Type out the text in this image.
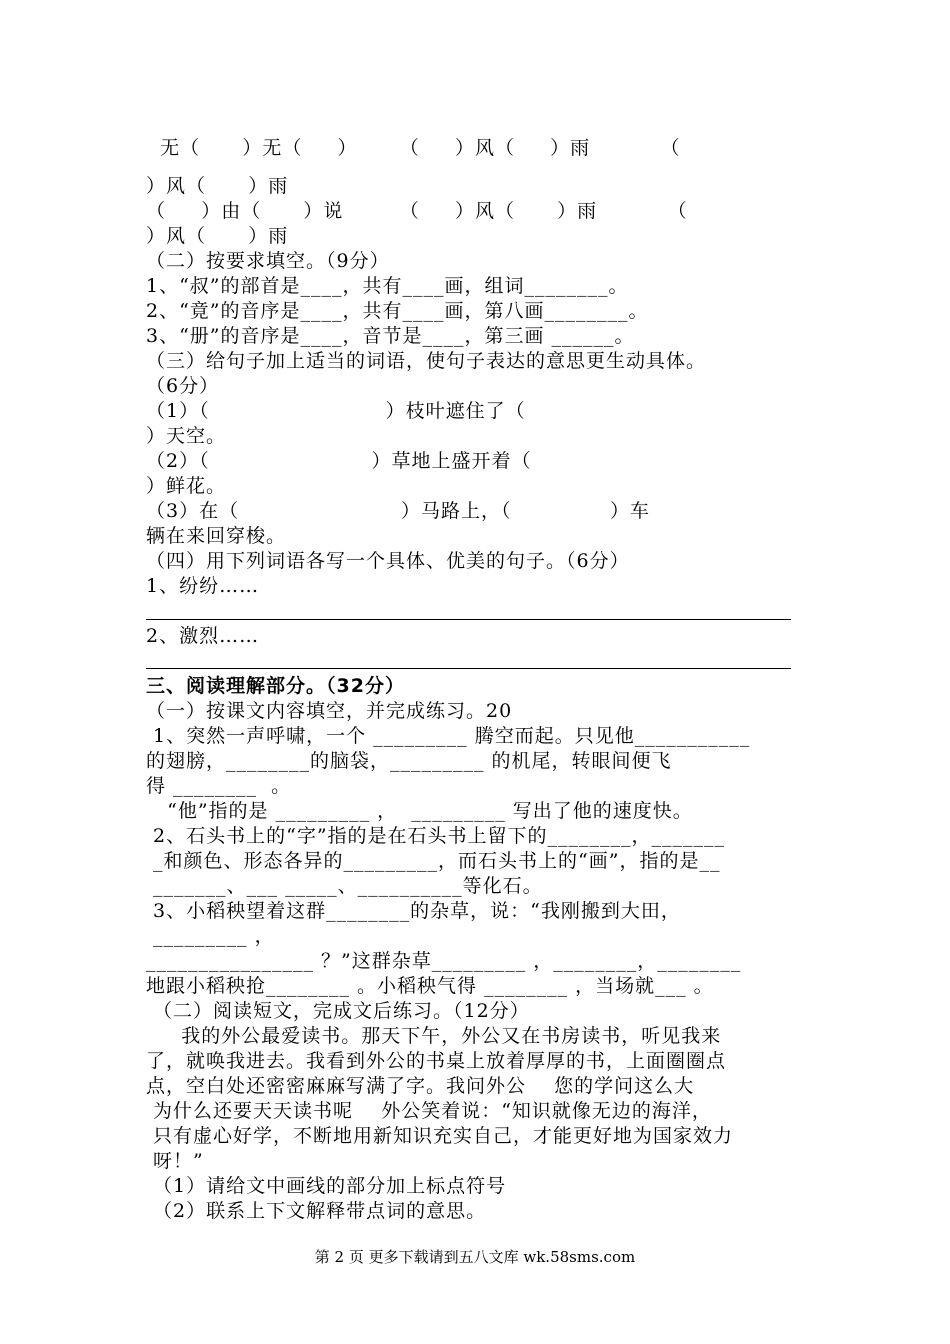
无（      ）无（     ）      （     ）风（     ）雨          （
）风（      ）雨
（     ）由（      ）说        （     ）风（      ）雨          （
）风（      ）雨
（二）按要求填空。（9分）
1、“叔”的部首是____，共有____画，组词________。
2、“竟”的音序是____，共有____画，第八画________。
3、“册”的音序是____，音节是____，第三画 ______。
（三）给句子加上适当的词语，使句子表达的意思更生动具体。
（6分）
（1）（                         ）枝叶遮住了（
）天空。
（2）（                       ）草地上盛开着（
）鲜花。
（3）在（                       ）马路上，（              ）车
辆在来回穿梭。
（四）用下列词语各写一个具体、优美的句子。（6分）
1、纷纷……
2、激烈……
三、阅读理解部分。（32分）
（一）按课文内容填空，并完成练习。20
1、突然一声呼啸，一个 _________ 腾空而起。只见他___________
的翅膀，________的脑袋，_________ 的机尾，转眼间便飞
得 ________  。
“他”指的是 _________ ，  _________ 写出了他的速度快。
2、石头书上的“字”指的是在石头书上留下的________，_______
_和颜色、形态各异的_________，而石头书上的“画”，指的是__
_______、___ _____、__________等化石。
3、小稻秧望着这群________的杂草，说：“我刚搬到大田，
_________ ，
________________ ？”这群杂草_________ ，________，________
地跟小稻秧抢________ 。小稻秧气得 ________ ，当场就___ 。
（二）阅读短文，完成文后练习。（12分）
我的外公最爱读书。那天下午，外公又在书房读书，听见我来
了，就唤我进去。我看到外公的书桌上放着厚厚的书，上面圈圈点
点，空白处还密密麻麻写满了字。我问外公    您的学问这么大
为什么还要天天读书呢    外公笑着说：“知识就像无边的海洋，
只有虚心好学，不断地用新知识充实自己，才能更好地为国家效力
呀！”
（1）请给文中画线的部分加上标点符号
（2）联系上下文解释带点词的意思。
第 2 页 更多下载请到五八文库 wk.58sms.com
